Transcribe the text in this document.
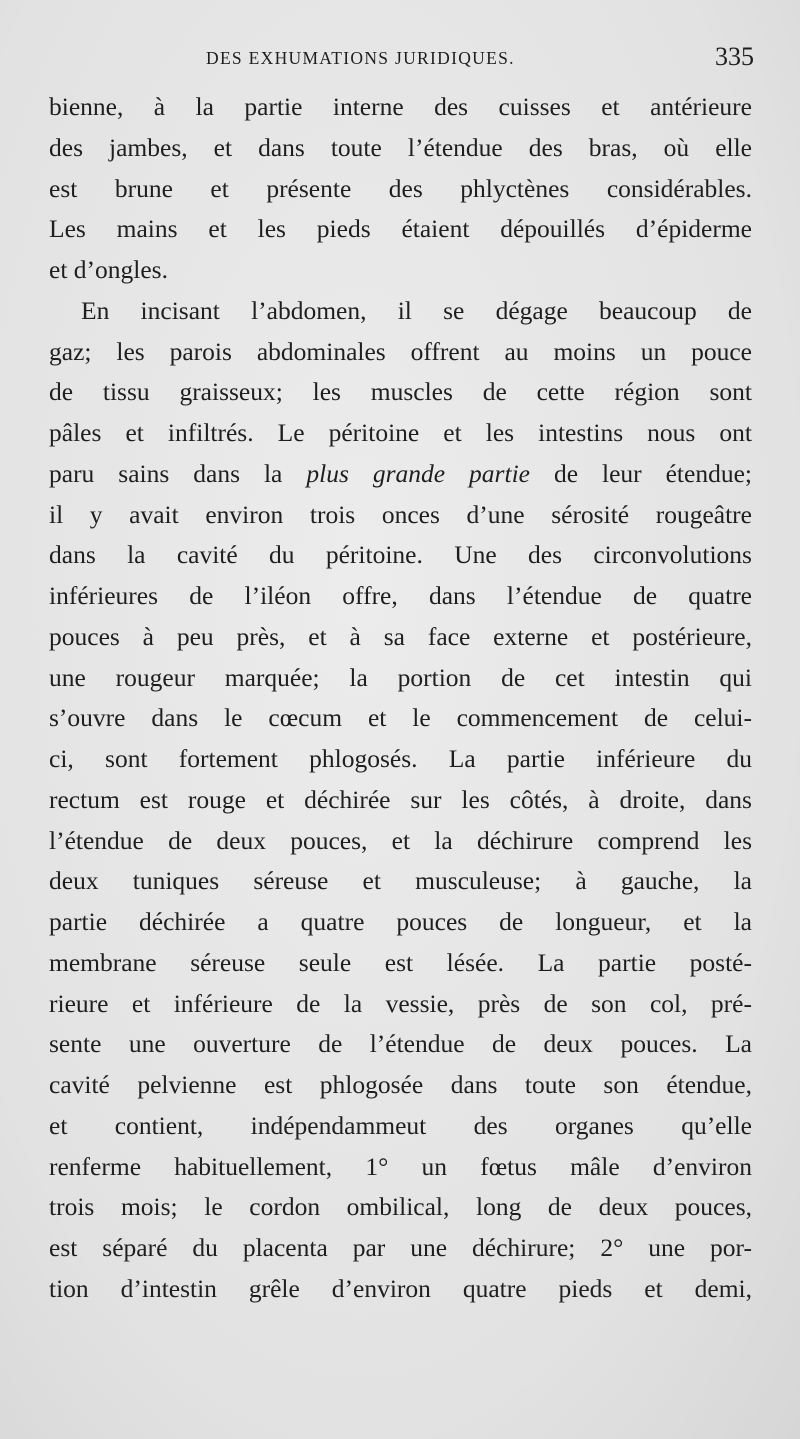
DES EXHUMATIONS JURIDIQUES.	335
bienne, à la partie interne des cuisses et antérieure
des jambes, et dans toute l’étendue des bras, où elle
est brune et présente des phlyctènes considérables.
Les mains et les pieds étaient dépouillés d’épiderme
et d’ongles.
En incisant l’abdomen, il se dégage beaucoup de
gaz; les parois abdominales offrent au moins un pouce
de tissu graisseux; les muscles de cette région sont
pâles et infiltrés. Le péritoine et les intestins nous ont
paru sains dans la plus grande partie de leur étendue;
il y avait environ trois onces d’une sérosité rougeâtre
dans la cavité du péritoine. Une des circonvolutions
inférieures de l’iléon offre, dans l’étendue de quatre
pouces à peu près, et à sa face externe et postérieure,
une rougeur marquée; la portion de cet intestin qui
s’ouvre dans le cœcum et le commencement de celui-
ci, sont fortement phlogosés. La partie inférieure du
rectum est rouge et déchirée sur les côtés, à droite, dans
l’étendue de deux pouces, et la déchirure comprend les
deux tuniques séreuse et musculeuse; à gauche, la
partie déchirée a quatre pouces de longueur, et la
membrane séreuse seule est lésée. La partie posté-
rieure et inférieure de la vessie, près de son col, pré-
sente une ouverture de l’étendue de deux pouces. La
cavité pelvienne est phlogosée dans toute son étendue,
et contient, indépendammeut des organes qu’elle
renferme habituellement, 1° un fœtus mâle d’environ
trois mois; le cordon ombilical, long de deux pouces,
est séparé du placenta par une déchirure; 2° une por-
tion d’intestin grêle d’environ quatre pieds et demi,
